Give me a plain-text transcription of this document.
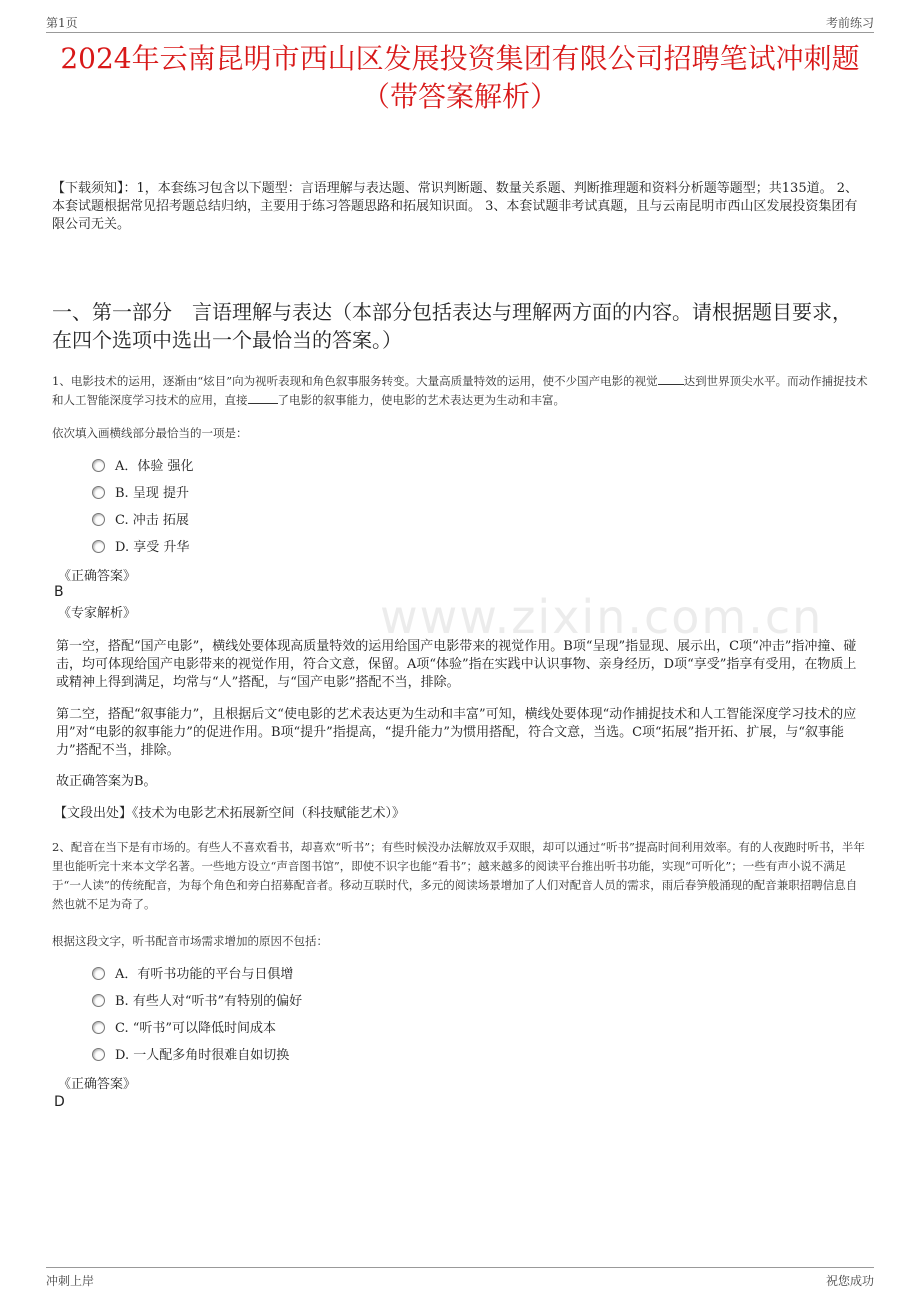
第1页	考前练习
www.zixin.com.cn
2024年云南昆明市西山区发展投资集团有限公司招聘笔试冲刺题（带答案解析）
【下载须知】：1，本套练习包含以下题型：言语理解与表达题、常识判断题、数量关系题、判断推理题和资料分析题等题型；共135道。 2、本套试题根据常见招考题总结归纳，主要用于练习答题思路和拓展知识面。 3、本套试题非考试真题，且与云南昆明市西山区发展投资集团有限公司无关。
一、第一部分　言语理解与表达（本部分包括表达与理解两方面的内容。请根据题目要求，在四个选项中选出一个最恰当的答案。）
1、电影技术的运用，逐渐由“炫目”向为视听表现和角色叙事服务转变。大量高质量特效的运用，使不少国产电影的视觉 达到世界顶尖水平。而动作捕捉技术和人工智能深度学习技术的应用，直接	了电影的叙事能力，使电影的艺术表达更为生动和丰富。
依次填入画横线部分最恰当的一项是：
A．体验 强化
B. 呈现 提升
C. 冲击 拓展
D. 享受 升华
《正确答案》
B
《专家解析》
第一空，搭配“国产电影”，横线处要体现高质量特效的运用给国产电影带来的视觉作用。B项“呈现”指显现、展示出，C项“冲击”指冲撞、碰击，均可体现给国产电影带来的视觉作用，符合文意，保留。A项“体验”指在实践中认识事物、亲身经历，D项“享受”指享有受用，在物质上或精神上得到满足，均常与“人”搭配，与“国产电影”搭配不当，排除。
第二空，搭配“叙事能力”，且根据后文“使电影的艺术表达更为生动和丰富”可知，横线处要体现“动作捕捉技术和人工智能深度学习技术的应用”对“电影的叙事能力”的促进作用。B项“提升”指提高，“提升能力”为惯用搭配，符合文意，当选。C项“拓展”指开拓、扩展，与“叙事能力”搭配不当，排除。
故正确答案为B。
【文段出处】《技术为电影艺术拓展新空间（科技赋能艺术）》
2、配音在当下是有市场的。有些人不喜欢看书，却喜欢“听书”；有些时候没办法解放双手双眼，却可以通过“听书”提高时间利用效率。有的人夜跑时听书，半年里也能听完十来本文学名著。一些地方设立“声音图书馆”，即使不识字也能“看书”；越来越多的阅读平台推出听书功能，实现“可听化”；一些有声小说不满足于“一人读”的传统配音，为每个角色和旁白招募配音者。移动互联时代，多元的阅读场景增加了人们对配音人员的需求，雨后春笋般涌现的配音兼职招聘信息自然也就不足为奇了。
根据这段文字，听书配音市场需求增加的原因不包括：
A．有听书功能的平台与日俱增
B. 有些人对“听书”有特别的偏好
C. “听书”可以降低时间成本
D. 一人配多角时很难自如切换
《正确答案》
D
冲刺上岸	祝您成功
